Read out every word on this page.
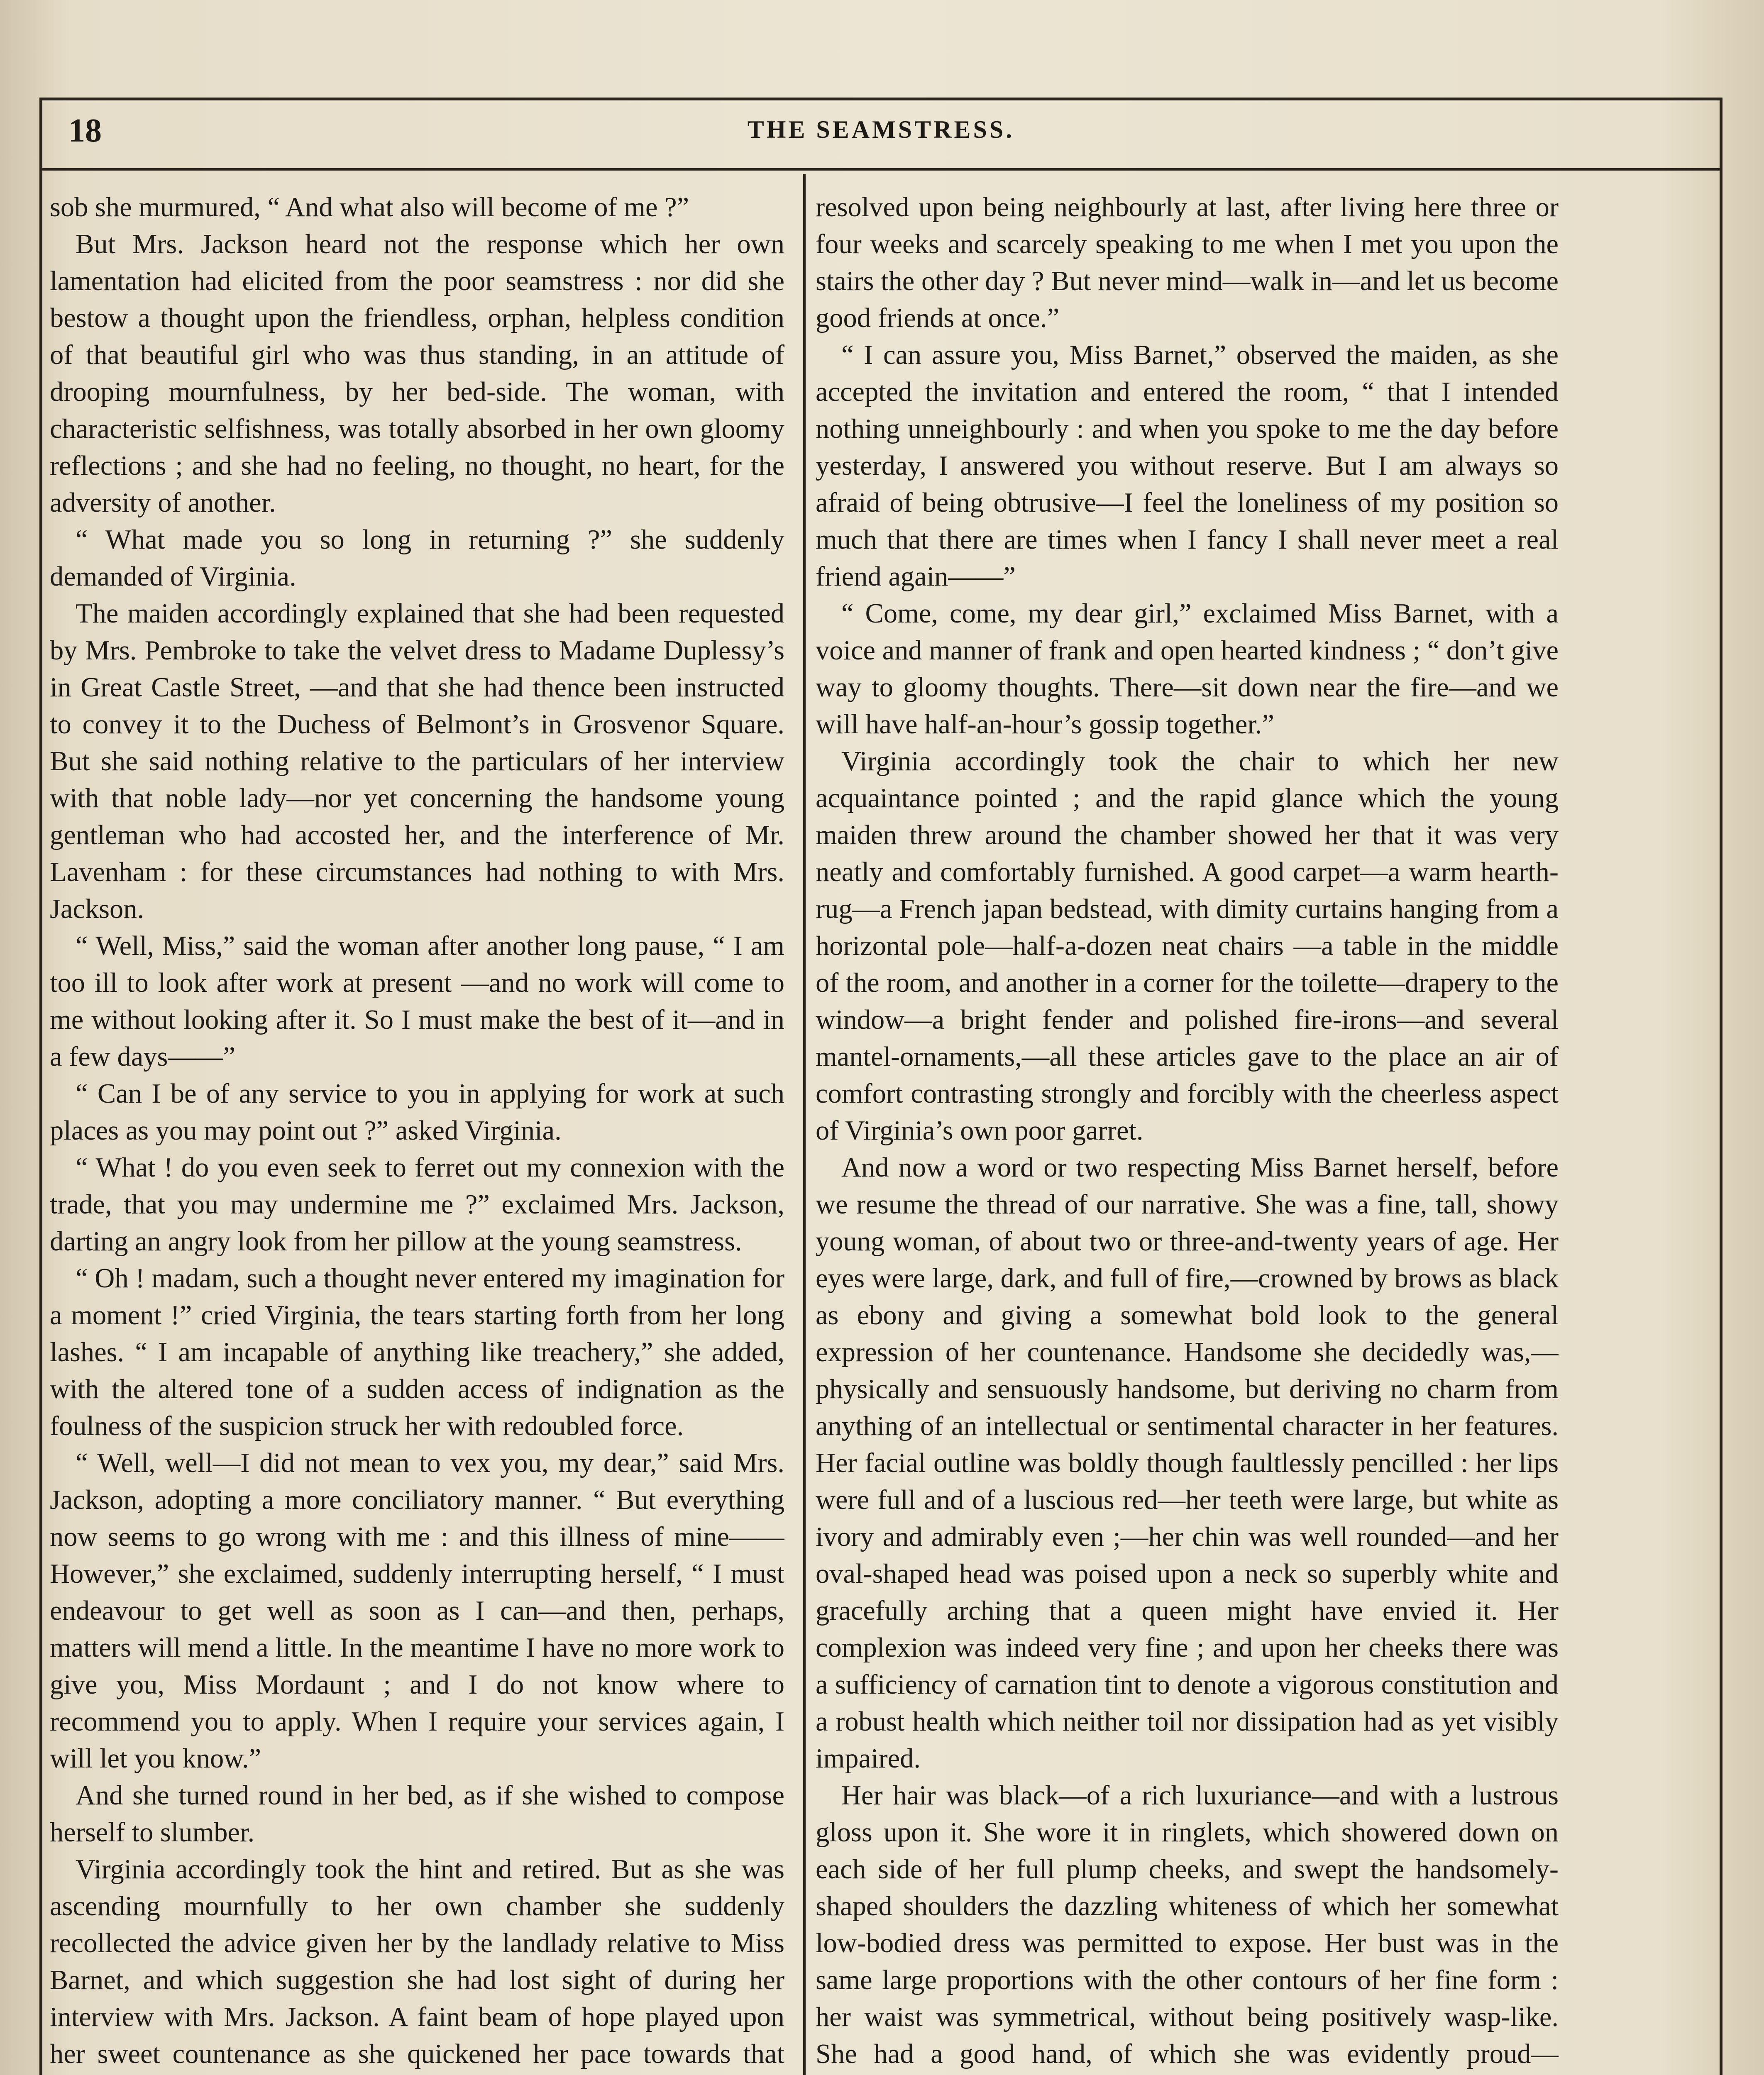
18	THE SEAMSTRESS.

sob she murmured, “ And what also will become of me ?”

But Mrs. Jackson heard not the response which her own lamentation had elicited from the poor seamstress : nor did she bestow a thought upon the friendless, orphan, helpless condition of that beautiful girl who was thus standing, in an attitude of drooping mournfulness, by her bed-side. The woman, with characteristic selfishness, was totally absorbed in her own gloomy reflections ; and she had no feeling, no thought, no heart, for the adversity of another.

“ What made you so long in returning ?” she suddenly demanded of Virginia.

The maiden accordingly explained that she had been requested by Mrs. Pembroke to take the velvet dress to Madame Duplessy’s in Great Castle Street, —and that she had thence been instructed to convey it to the Duchess of Belmont’s in Grosvenor Square. But she said nothing relative to the particulars of her interview with that noble lady—nor yet concerning the handsome young gentleman who had accosted her, and the interference of Mr. Lavenham : for these circumstances had nothing to with Mrs. Jackson.

“ Well, Miss,” said the woman after another long pause, “ I am too ill to look after work at present —and no work will come to me without looking after it. So I must make the best of it—and in a few days——”

“ Can I be of any service to you in applying for work at such places as you may point out ?” asked Virginia.

“ What ! do you even seek to ferret out my connexion with the trade, that you may undermine me ?” exclaimed Mrs. Jackson, darting an angry look from her pillow at the young seamstress.

“ Oh ! madam, such a thought never entered my imagination for a moment !” cried Virginia, the tears starting forth from her long lashes. “ I am incapable of anything like treachery,” she added, with the altered tone of a sudden access of indignation as the foulness of the suspicion struck her with redoubled force.

“ Well, well—I did not mean to vex you, my dear,” said Mrs. Jackson, adopting a more conciliatory manner. “ But everything now seems to go wrong with me : and this illness of mine——However,” she exclaimed, suddenly interrupting herself, “ I must endeavour to get well as soon as I can—and then, perhaps, matters will mend a little. In the meantime I have no more work to give you, Miss Mordaunt ; and I do not know where to recommend you to apply. When I require your services again, I will let you know.”

And she turned round in her bed, as if she wished to compose herself to slumber.

Virginia accordingly took the hint and retired. But as she was ascending mournfully to her own chamber she suddenly recollected the advice given her by the landlady relative to Miss Barnet, and which suggestion she had lost sight of during her interview with Mrs. Jackson. A faint beam of hope played upon her sweet countenance as she quickened her pace towards that

resolved upon being neighbourly at last, after living here three or four weeks and scarcely speaking to me when I met you upon the stairs the other day ? But never mind—walk in—and let us become good friends at once.”

“ I can assure you, Miss Barnet,” observed the maiden, as she accepted the invitation and entered the room, “ that I intended nothing unneighbourly : and when you spoke to me the day before yesterday, I answered you without reserve. But I am always so afraid of being obtrusive—I feel the loneliness of my position so much that there are times when I fancy I shall never meet a real friend again——”

“ Come, come, my dear girl,” exclaimed Miss Barnet, with a voice and manner of frank and open hearted kindness ; “ don’t give way to gloomy thoughts. There—sit down near the fire—and we will have half-an-hour’s gossip together.”

Virginia accordingly took the chair to which her new acquaintance pointed ; and the rapid glance which the young maiden threw around the chamber showed her that it was very neatly and comfortably furnished. A good carpet—a warm hearth-rug—a French japan bedstead, with dimity curtains hanging from a horizontal pole—half-a-dozen neat chairs —a table in the middle of the room, and another in a corner for the toilette—drapery to the window—a bright fender and polished fire-irons—and several mantel-ornaments,—all these articles gave to the place an air of comfort contrasting strongly and forcibly with the cheerless aspect of Virginia’s own poor garret.

And now a word or two respecting Miss Barnet herself, before we resume the thread of our narrative. She was a fine, tall, showy young woman, of about two or three-and-twenty years of age. Her eyes were large, dark, and full of fire,—crowned by brows as black as ebony and giving a somewhat bold look to the general expression of her countenance. Handsome she decidedly was,—physically and sensuously handsome, but deriving no charm from anything of an intellectual or sentimental character in her features. Her facial outline was boldly though faultlessly pencilled : her lips were full and of a luscious red—her teeth were large, but white as ivory and admirably even ;—her chin was well rounded—and her oval-shaped head was poised upon a neck so superbly white and gracefully arching that a queen might have envied it. Her complexion was indeed very fine ; and upon her cheeks there was a sufficiency of carnation tint to denote a vigorous constitution and a robust health which neither toil nor dissipation had as yet visibly impaired.

Her hair was black—of a rich luxuriance—and with a lustrous gloss upon it. She wore it in ringlets, which showered down on each side of her full plump cheeks, and swept the handsomely-shaped shoulders the dazzling whiteness of which her somewhat low-bodied dress was permitted to expose. Her bust was in the same large proportions with the other contours of her fine form : her waist was symmetrical, without being positively wasp-like. She had a good hand, of which she was evidently proud—
